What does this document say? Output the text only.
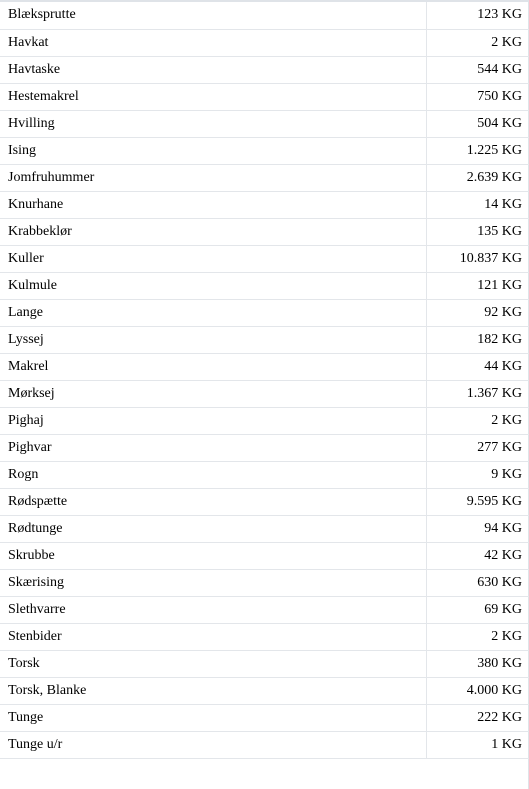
Blæksprutte	123 KG
Havkat	2 KG
Havtaske	544 KG
Hestemakrel	750 KG
Hvilling	504 KG
Ising	1.225 KG
Jomfruhummer	2.639 KG
Knurhane	14 KG
Krabbeklør	135 KG
Kuller	10.837 KG
Kulmule	121 KG
Lange	92 KG
Lyssej	182 KG
Makrel	44 KG
Mørksej	1.367 KG
Pighaj	2 KG
Pighvar	277 KG
Rogn	9 KG
Rødspætte	9.595 KG
Rødtunge	94 KG
Skrubbe	42 KG
Skærising	630 KG
Slethvarre	69 KG
Stenbider	2 KG
Torsk	380 KG
Torsk, Blanke	4.000 KG
Tunge	222 KG
Tunge u/r	1 KG
